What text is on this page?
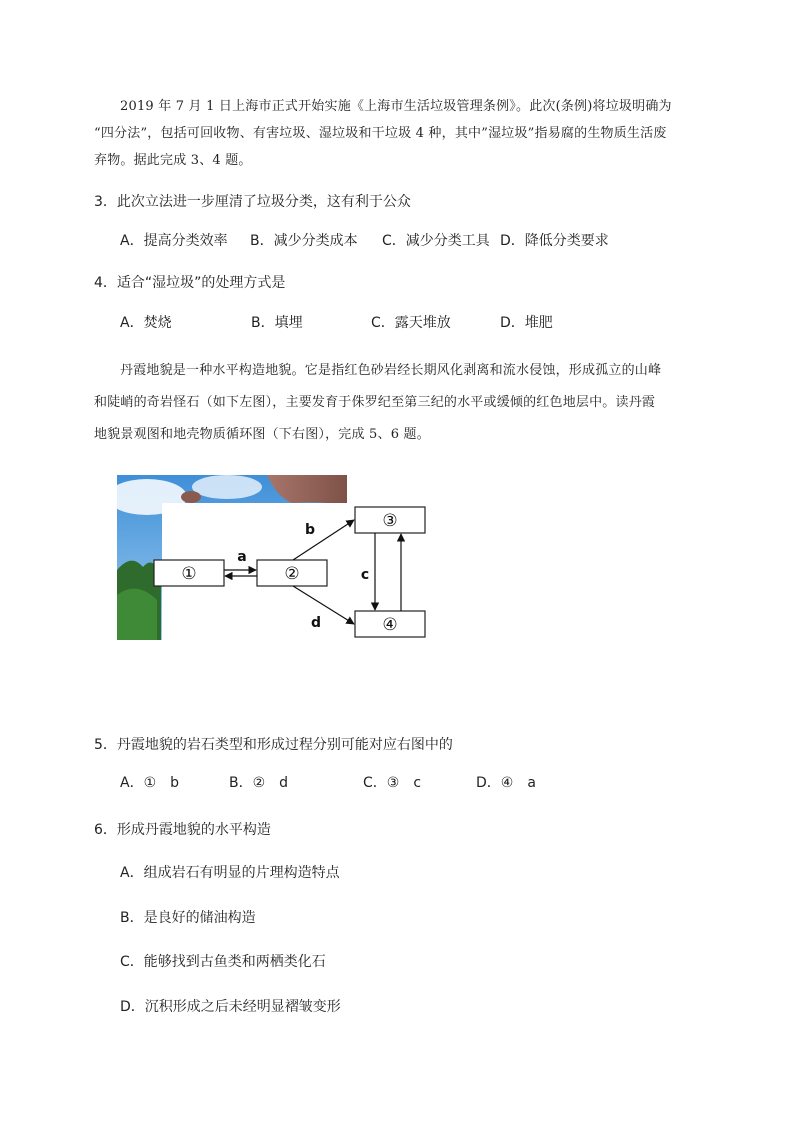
2019 年 7 月 1 日上海市正式开始实施《上海市生活垃圾管理条例》。此次(条例)将垃圾明确为

“四分法”，包括可回收物、有害垃圾、湿垃圾和干垃圾 4 种，其中”湿垃圾”指易腐的生物质生活废

弃物。据此完成 3、4 题。

3．此次立法进一步厘清了垃圾分类，这有利于公众

A．提高分类效率 B．减少分类成本 C．减少分类工具 D．降低分类要求

4．适合“湿垃圾”的处理方式是

A．焚烧	B．填埋	C．露天堆放	D．堆肥

丹霞地貌是一种水平构造地貌。它是指红色砂岩经长期风化剥离和流水侵蚀，形成孤立的山峰

和陡峭的奇岩怪石（如下左图），主要发育于侏罗纪至第三纪的水平或缓倾的红色地层中。读丹霞

地貌景观图和地壳物质循环图（下右图），完成 5、6 题。

①	②
③
④
a
b
d
c

5．丹霞地貌的岩石类型和形成过程分别可能对应右图中的

A．①　b	B．②　d	C．③　c	D．④　a

6．形成丹霞地貌的水平构造

A．组成岩石有明显的片理构造特点

B．是良好的储油构造

C．能够找到古鱼类和两栖类化石

D．沉积形成之后未经明显褶皱变形
